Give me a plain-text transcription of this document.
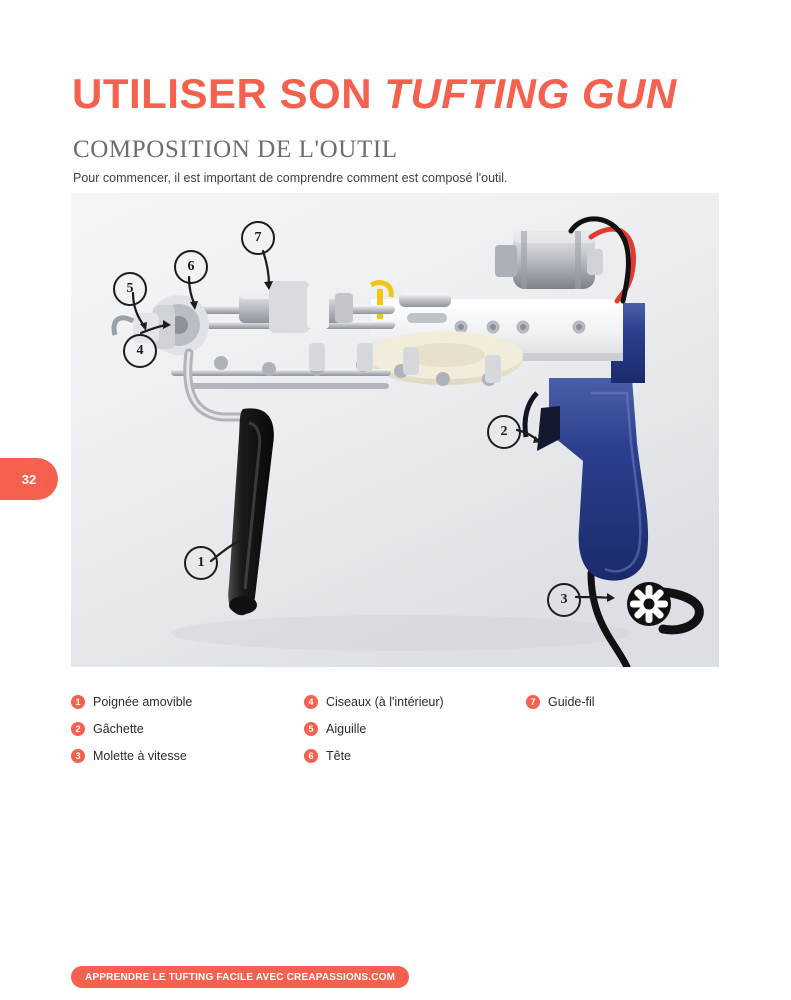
UTILISER SON TUFTING GUN
COMPOSITION DE L'OUTIL

Pour commencer, il est important de comprendre comment est composé l'outil.

1
2
3
4
5
6
7
1	Poignée amovible
2	Gâchette
3	Molette à vitesse
4	Ciseaux (à l'intérieur)
5	Aiguille
6	Tête
7	Guide-fil
32
APPRENDRE LE TUFTING FACILE AVEC CREAPASSIONS.COM
